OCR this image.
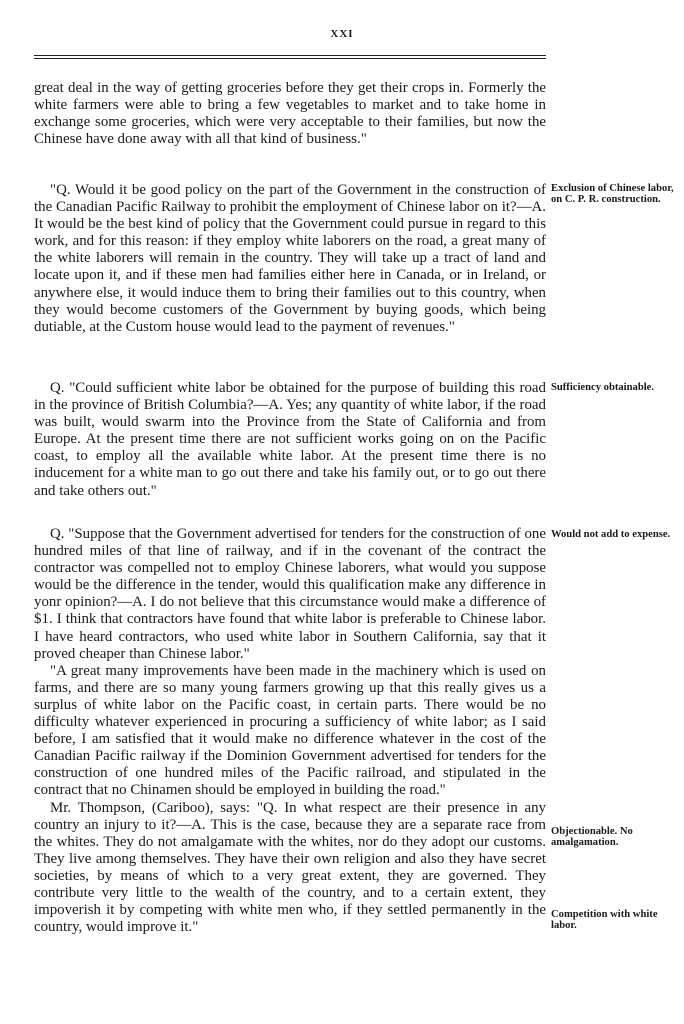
XXI

great deal in the way of getting groceries before they get their crops in. Formerly the white farmers were able to bring a few vegetables to market and to take home in exchange some groceries, which were very acceptable to their families, but now the Chinese have done away with all that kind of business."

"Q. Would it be good policy on the part of the Government in the construction of the Canadian Pacific Railway to prohibit the employment of Chinese labor on it?—A. It would be the best kind of policy that the Government could pursue in regard to this work, and for this reason: if they employ white laborers on the road, a great many of the white laborers will remain in the country. They will take up a tract of land and locate upon it, and if these men had families either here in Canada, or in Ireland, or anywhere else, it would induce them to bring their families out to this country, when they would become customers of the Government by buying goods, which being dutiable, at the Custom house would lead to the payment of revenues."

Q. "Could sufficient white labor be obtained for the purpose of building this road in the province of British Columbia?—A. Yes; any quantity of white labor, if the road was built, would swarm into the Province from the State of California and from Europe. At the present time there are not sufficient works going on on the Pacific coast, to employ all the available white labor. At the present time there is no inducement for a white man to go out there and take his family out, or to go out there and take others out."

Q. "Suppose that the Government advertised for tenders for the construction of one hundred miles of that line of railway, and if in the covenant of the contract the contractor was compelled not to employ Chinese laborers, what would you suppose would be the difference in the tender, would this qualification make any difference in yonr opinion?—A. I do not believe that this circumstance would make a difference of $1. I think that contractors have found that white labor is preferable to Chinese labor. I have heard contractors, who used white labor in Southern California, say that it proved cheaper than Chinese labor."

"A great many improvements have been made in the machinery which is used on farms, and there are so many young farmers growing up that this really gives us a surplus of white labor on the Pacific coast, in certain parts. There would be no difficulty whatever experienced in procuring a sufficiency of white labor; as I said before, I am satisfied that it would make no difference whatever in the cost of the Canadian Pacific railway if the Dominion Government advertised for tenders for the construction of one hundred miles of the Pacific railroad, and stipulated in the contract that no Chinamen should be employed in building the road."

Mr. Thompson, (Cariboo), says: "Q. In what respect are their presence in any country an injury to it?—A. This is the case, because they are a separate race from the whites. They do not amalgamate with the whites, nor do they adopt our customs. They live among themselves. They have their own religion and also they have secret societies, by means of which to a very great extent, they are governed. They contribute very little to the wealth of the country, and to a certain extent, they impoverish it by competing with white men who, if they settled permanently in the country, would improve it."

Exclusion of Chinese labor, on C. P. R. construction.
Sufficiency obtainable.
Would not add to expense.
Objectionable. No amalgamation.
Competition with white labor.
